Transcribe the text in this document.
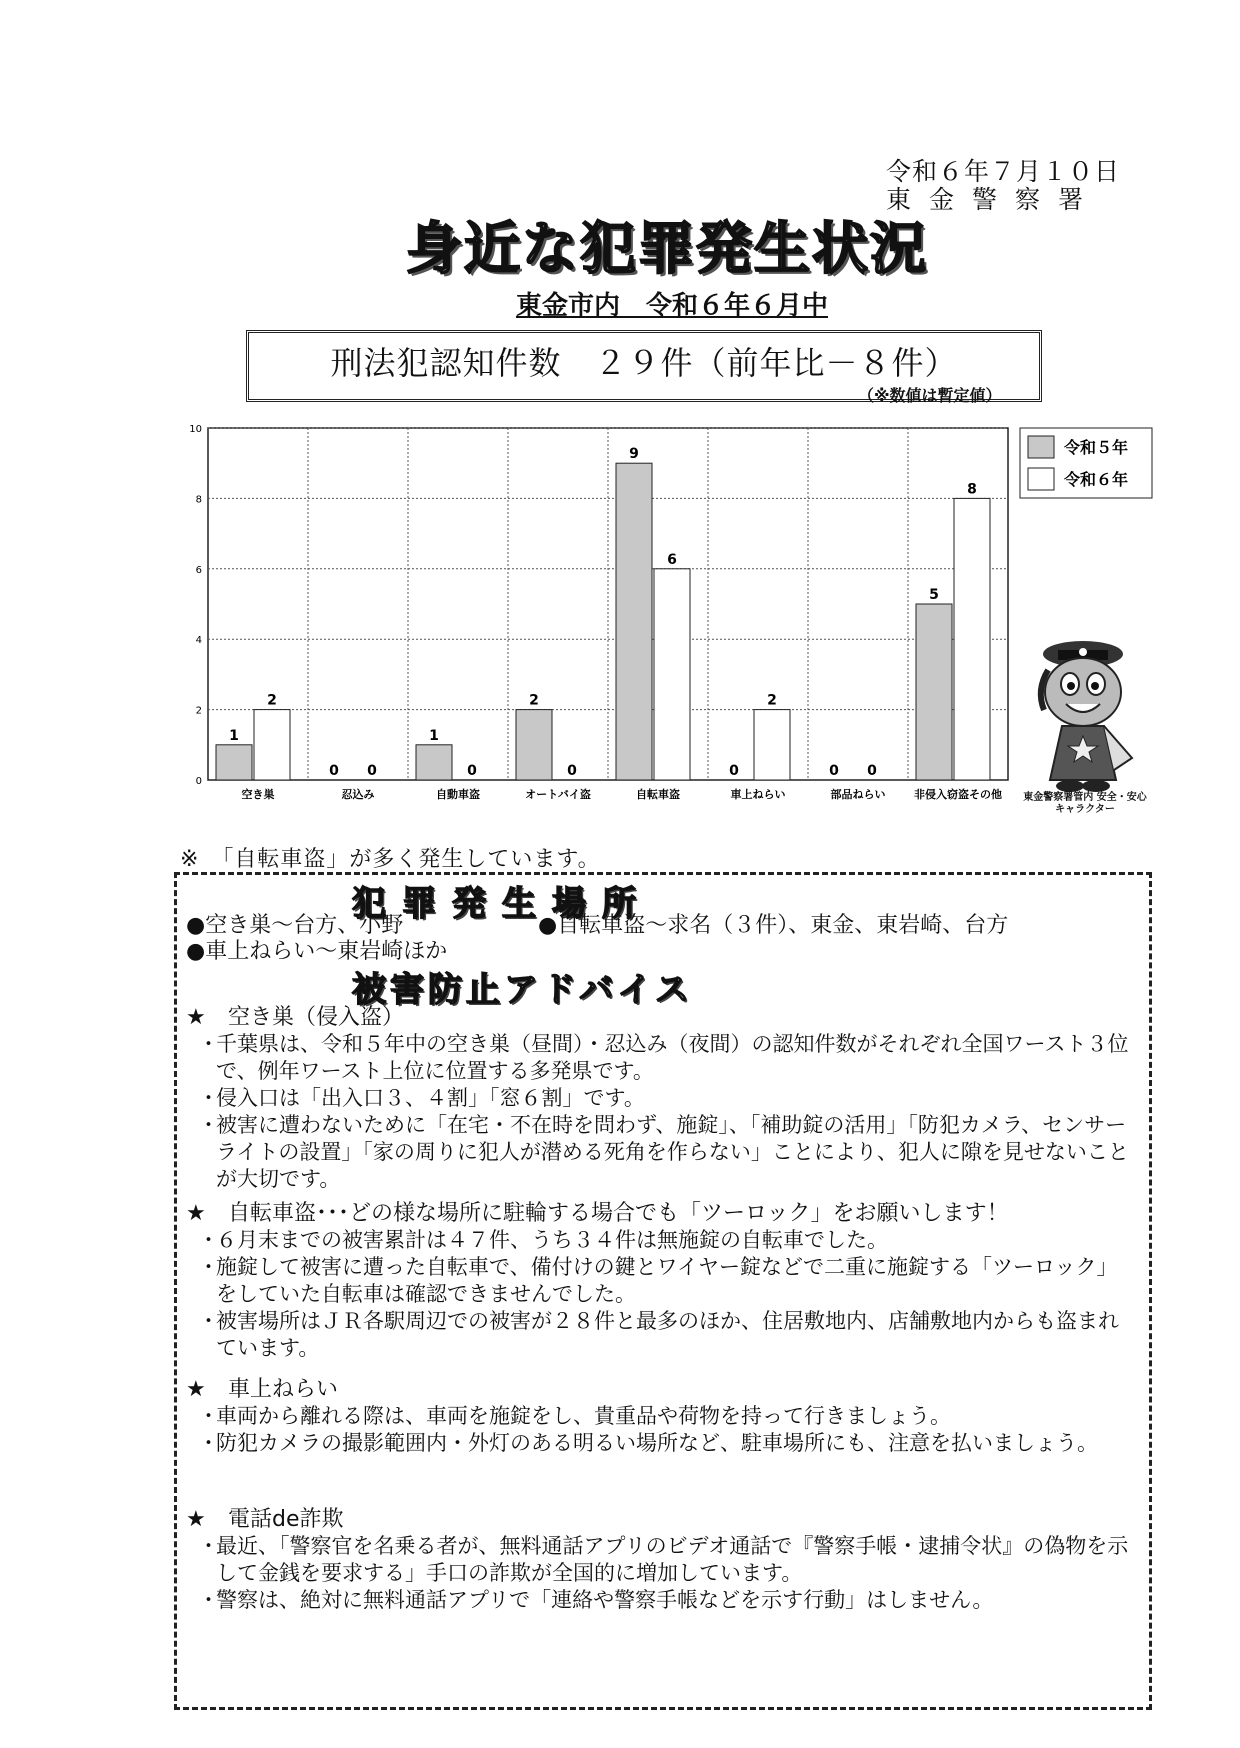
令和６年７月１０日
東金警察署
身近な犯罪発生状況
東金市内　令和６年６月中
刑法犯認知件数　２９件（前年比－８件）
（※数値は暫定値）
0
2
4
6
8
10
1
2
空き巣
0 0
忍込み
1
0
自動車盗
2
0
オートバイ盗
9
6
自転車盗
0
2
車上ねらい
0 0
部品ねらい
5
8
非侵入窃盗その他
令和５年
令和６年
東金警察署管内 安全・安心キャラクター
※　「自転車盗」が多く発生しています。
犯罪発生場所
●空き巣～台方、小野	●自転車盗～求名（３件）、東金、東岩崎、台方
●車上ねらい～東岩崎ほか
被害防止アドバイス
★ 空き巣（侵入盗）
・千葉県は、令和５年中の空き巣（昼間）・忍込み（夜間）の認知件数がそれぞれ全国ワースト３位で、例年ワースト上位に位置する多発県です。
・侵入口は「出入口３、４割」「窓６割」です。
・被害に遭わないために「在宅・不在時を問わず、施錠」、「補助錠の活用」「防犯カメラ、センサーライトの設置」「家の周りに犯人が潜める死角を作らない」ことにより、犯人に隙を見せないことが大切です。
★ 自転車盗･･･どの様な場所に駐輪する場合でも「ツーロック」をお願いします！
・６月末までの被害累計は４７件、うち３４件は無施錠の自転車でした。
・施錠して被害に遭った自転車で、備付けの鍵とワイヤー錠などで二重に施錠する「ツーロック」をしていた自転車は確認できませんでした。
・被害場所はＪＲ各駅周辺での被害が２８件と最多のほか、住居敷地内、店舗敷地内からも盗まれています。
★ 車上ねらい
・車両から離れる際は、車両を施錠をし、貴重品や荷物を持って行きましょう。
・防犯カメラの撮影範囲内・外灯のある明るい場所など、駐車場所にも、注意を払いましょう。
★ 電話de詐欺
・最近、「警察官を名乗る者が、無料通話アプリのビデオ通話で『警察手帳・逮捕令状』の偽物を示して金銭を要求する」手口の詐欺が全国的に増加しています。
・警察は、絶対に無料通話アプリで「連絡や警察手帳などを示す行動」はしません。
